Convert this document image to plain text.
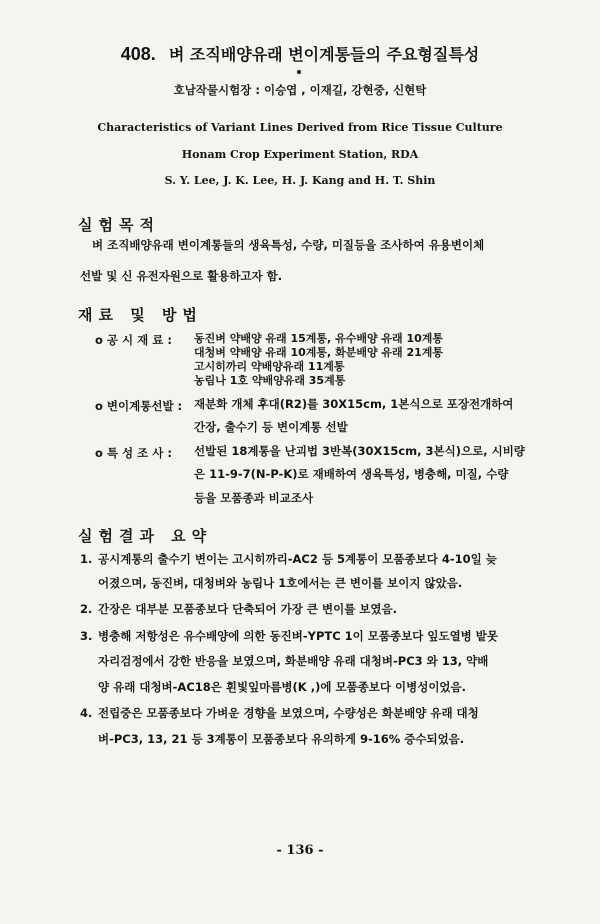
408. 벼 조직배양유래 변이계통들의 주요형질특성
호남작물시험장 : 이승엽 , 이재길, 강현중, 신현탁
Characteristics of Variant Lines Derived from Rice Tissue Culture
Honam Crop Experiment Station, RDA
S. Y. Lee, J. K. Lee, H. J. Kang and H. T. Shin
실험목적
벼 조직배양유래 변이계통들의 생육특성, 수량, 미질등을 조사하여 유용변이체
선발 및 신 유전자원으로 활용하고자 함.
재료 및 방법
o 공 시 재 료 : 동진벼 약배양 유래 15계통, 유수배양 유래 10계통
대청벼 약배양 유래 10계통, 화분배양 유래 21계통
고시히까리 약배양유래 11계통
농림나 1호 약배양유래 35계통
o 변이계통선발 : 재분화 개체 후대(R2)를 30X15cm, 1본식으로 포장전개하여
간장, 출수기 등 변이계통 선발
o 특 성 조 사 : 선발된 18계통을 난괴법 3반복(30X15cm, 3본식)으로, 시비량
은 11-9-7(N-P-K)로 재배하여 생육특성, 병충해, 미질, 수량
등을 모품종과 비교조사
실험결과 요약
1. 공시계통의 출수기 변이는 고시히까리-AC2 등 5계통이 모품종보다 4-10일 늦
어졌으며, 동진벼, 대청벼와 농림나 1호에서는 큰 변이를 보이지 않았음.
2. 간장은 대부분 모품종보다 단축되어 가장 큰 변이를 보였음.
3. 병충해 저항성은 유수배양에 의한 동진벼-YPTC 1이 모품종보다 잎도열병 밭못
자리검정에서 강한 반응을 보였으며, 화분배양 유래 대청벼-PC3 와 13, 약배
양 유래 대청벼-AC18은 흰빛잎마름병(K ,)에 모품종보다 이병성이었음.
4. 전립중은 모품종보다 가벼운 경향을 보였으며, 수량성은 화분배양 유래 대청
벼-PC3, 13, 21 등 3계통이 모품종보다 유의하게 9-16% 증수되었음.
- 136 -
